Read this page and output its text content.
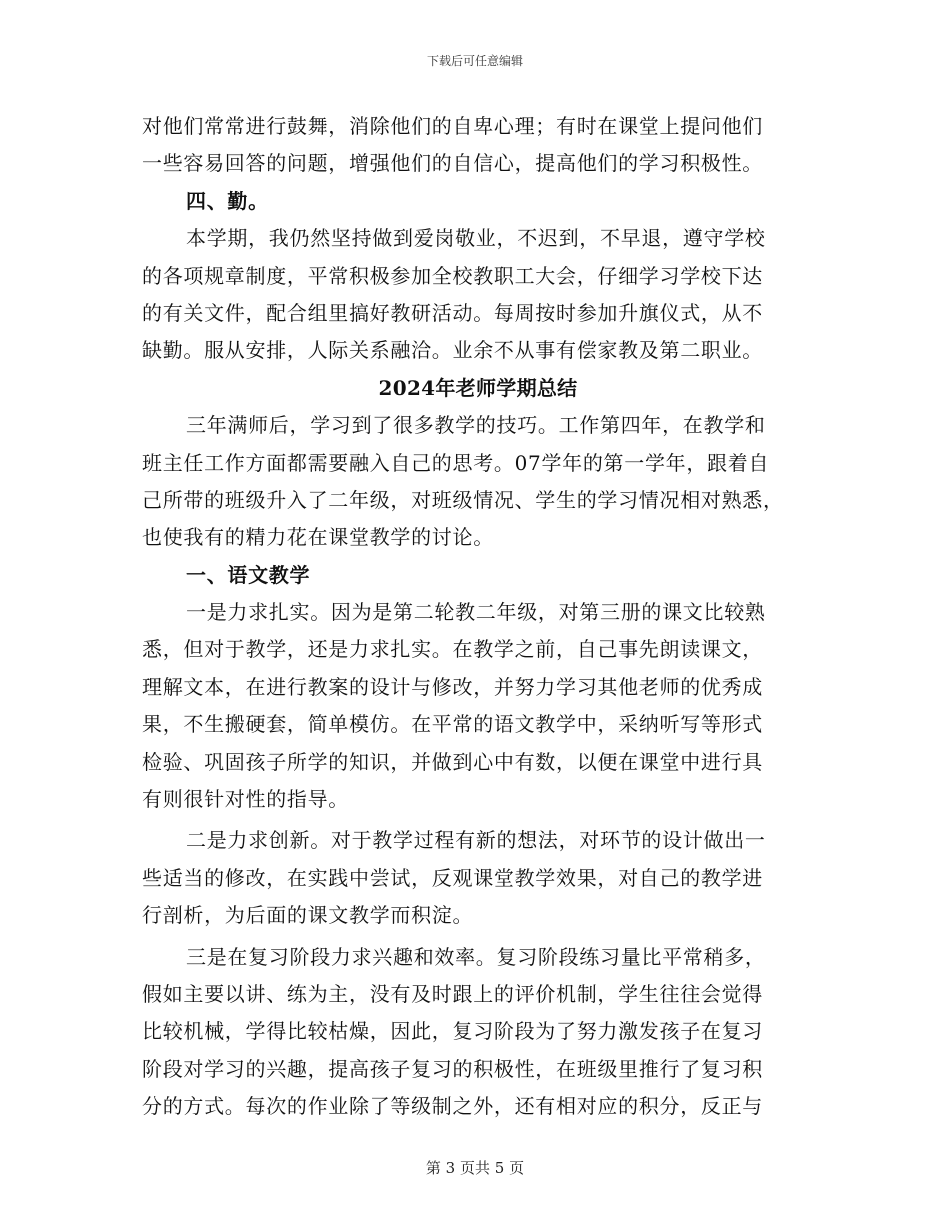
下载后可任意编辑
对他们常常进行鼓舞，消除他们的自卑心理；有时在课堂上提问他们
一些容易回答的问题，增强他们的自信心，提高他们的学习积极性。
四、勤。
本学期，我仍然坚持做到爱岗敬业，不迟到，不早退，遵守学校
的各项规章制度，平常积极参加全校教职工大会，仔细学习学校下达
的有关文件，配合组里搞好教研活动。每周按时参加升旗仪式，从不
缺勤。服从安排，人际关系融洽。业余不从事有偿家教及第二职业。
2024年老师学期总结
三年满师后，学习到了很多教学的技巧。工作第四年，在教学和
班主任工作方面都需要融入自己的思考。07学年的第一学年，跟着自
己所带的班级升入了二年级，对班级情况、学生的学习情况相对熟悉，
也使我有的精力花在课堂教学的讨论。
一、语文教学
一是力求扎实。因为是第二轮教二年级，对第三册的课文比较熟
悉，但对于教学，还是力求扎实。在教学之前，自己事先朗读课文，
理解文本，在进行教案的设计与修改，并努力学习其他老师的优秀成
果，不生搬硬套，简单模仿。在平常的语文教学中，采纳听写等形式
检验、巩固孩子所学的知识，并做到心中有数，以便在课堂中进行具
有则很针对性的指导。
二是力求创新。对于教学过程有新的想法，对环节的设计做出一
些适当的修改，在实践中尝试，反观课堂教学效果，对自己的教学进
行剖析，为后面的课文教学而积淀。
三是在复习阶段力求兴趣和效率。复习阶段练习量比平常稍多，
假如主要以讲、练为主，没有及时跟上的评价机制，学生往往会觉得
比较机械，学得比较枯燥，因此，复习阶段为了努力激发孩子在复习
阶段对学习的兴趣，提高孩子复习的积极性，在班级里推行了复习积
分的方式。每次的作业除了等级制之外，还有相对应的积分，反正与
第 3 页共 5 页
